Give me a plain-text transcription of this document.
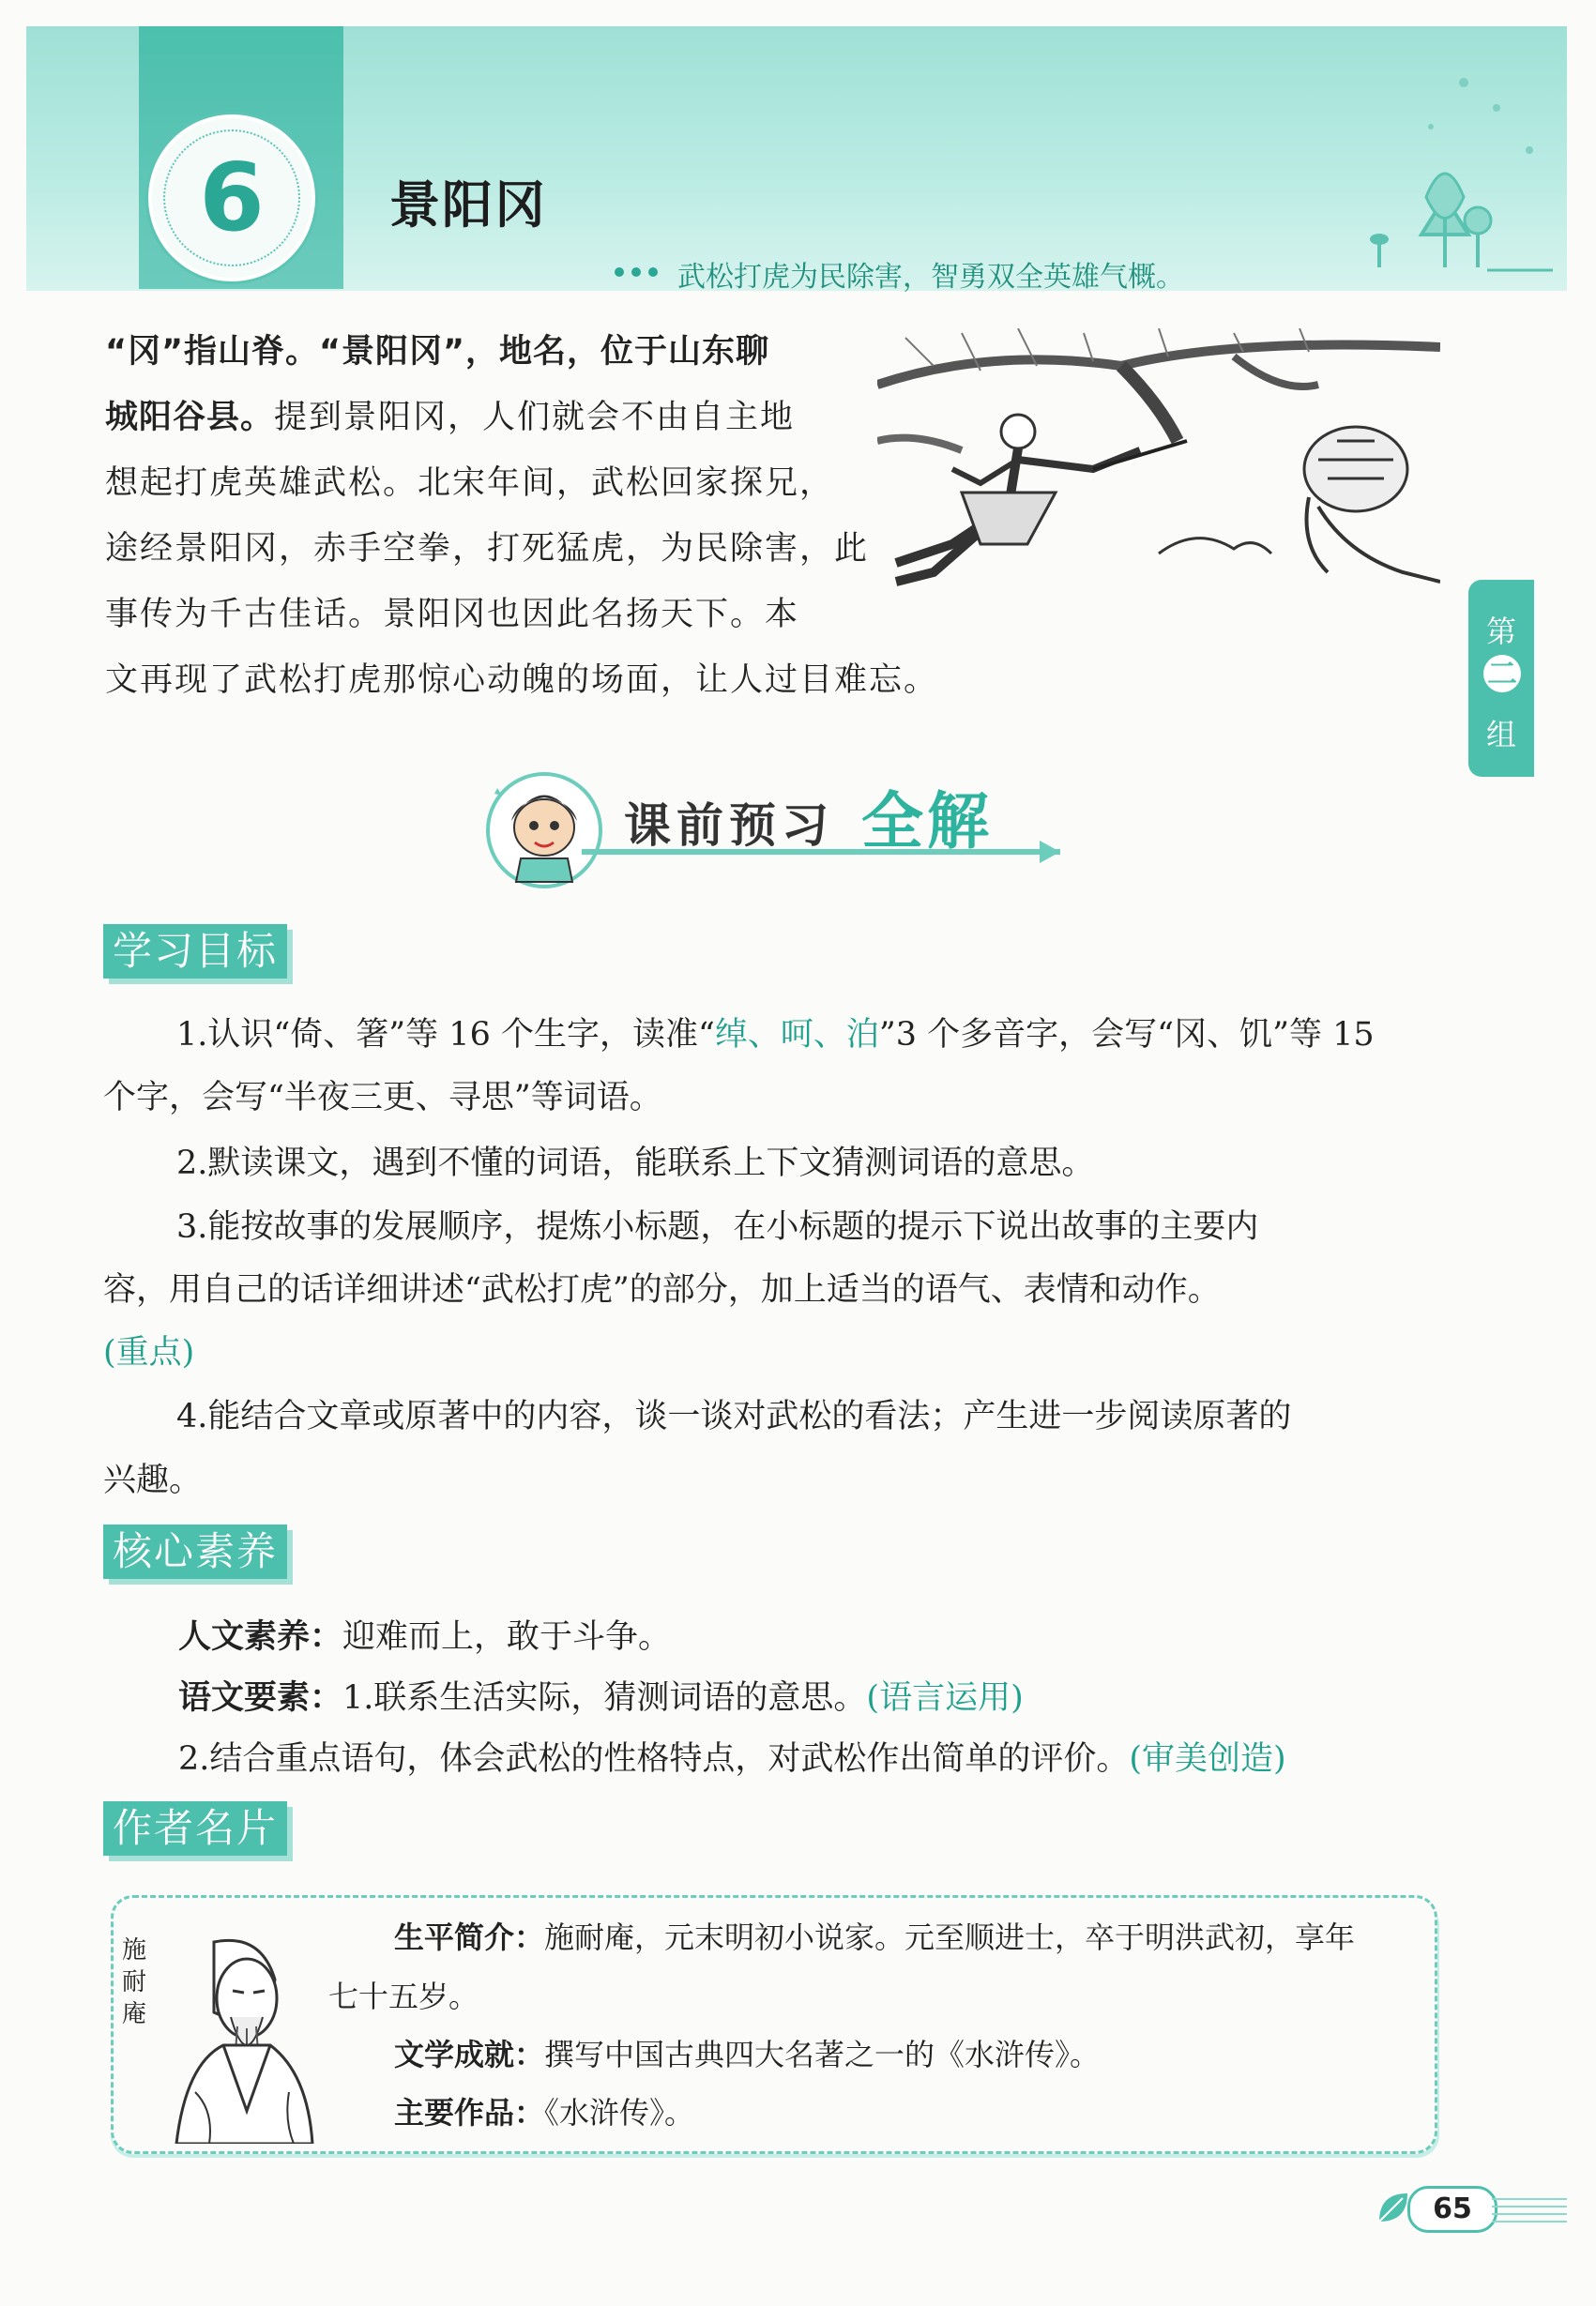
6 景阳冈
武松打虎为民除害，智勇双全英雄气概。
“冈”指山脊。“景阳冈”，地名，位于山东聊
城阳谷县。提到景阳冈，人们就会不由自主地
想起打虎英雄武松。北宋年间，武松回家探兄，
途经景阳冈，赤手空拳，打死猛虎，为民除害，此
事传为千古佳话。景阳冈也因此名扬天下。本
文再现了武松打虎那惊心动魄的场面，让人过目难忘。
第
二
组
课前预习 全解
学习目标
1.认识“倚、箸”等 16 个生字，读准“绰、呵、泊”3 个多音字，会写“冈、饥”等 15
个字，会写“半夜三更、寻思”等词语。
2.默读课文，遇到不懂的词语，能联系上下文猜测词语的意思。
3.能按故事的发展顺序，提炼小标题，在小标题的提示下说出故事的主要内
容，用自己的话详细讲述“武松打虎”的部分，加上适当的语气、表情和动作。
(重点)
4.能结合文章或原著中的内容，谈一谈对武松的看法；产生进一步阅读原著的
兴趣。
核心素养
人文素养：迎难而上，敢于斗争。
语文要素：1.联系生活实际，猜测词语的意思。(语言运用)
2.结合重点语句，体会武松的性格特点，对武松作出简单的评价。(审美创造)
作者名片
施耐庵
生平简介：施耐庵，元末明初小说家。元至顺进士，卒于明洪武初，享年
七十五岁。
文学成就：撰写中国古典四大名著之一的《水浒传》。
主要作品：《水浒传》。
65
